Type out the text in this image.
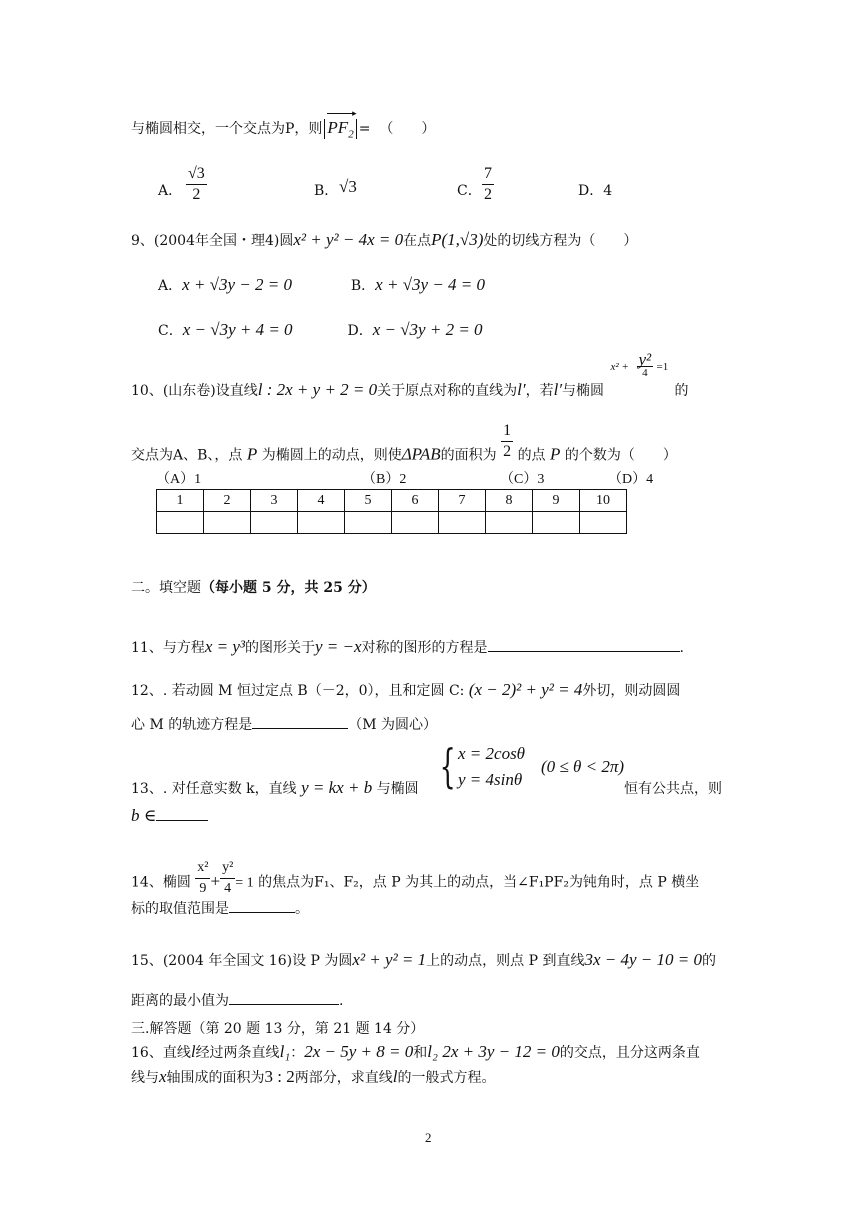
与椭圆相交，一个交点为P，则
▸
$PF_2$ = （　　）
A． $\frac{√3}{2}$	B． √3	C． $\frac{7}{2}$	D．4
9、(2004年全国・理4)圆x² + y² − 4x = 0在点P(1,√3)处的切线方程为（　　）
A．x + √3y − 2 = 0	B．x + √3y − 4 = 0
C．x − √3y + 4 = 0	D．x − √3y + 2 = 0
10、(山东卷)设直线l : 2x + y + 2 = 0关于原点对称的直线为l′，若l′与椭圆
x² + y²
4 =1
的
交点为A、B、，点 P 为椭圆上的动点，则使ΔPAB的面积为 $\frac{1}{2}$ 的点 P 的个数为（　　）
（A）1	（B）2	（C）3	（D）4
1	2	3	4	5	6	7	8	9	10

二。填空题（每小题 5 分，共 25 分）
11、与方程x = y³的图形关于y = −x对称的图形的方程是	.
12、. 若动圆 M 恒过定点 B（－2，0），且和定圆 C: (x − 2)² + y² = 4外切，则动圆圆
心 M 的轨迹方程是	（M 为圆心）
13、. 对任意实数 k，直线 y = kx + b 与椭圆 { x = 2cosθ
y = 4sinθ
(0 ≤ θ < 2π)
恒有公共点，则
b ∈
14、椭圆 $\frac{\text{x²}}{9} + \frac{\text{y²}}{4} = 1$ 的焦点为F₁、F₂，点 P 为其上的动点，当∠F₁PF₂为钝角时，点 P 横坐
标的取值范围是	。
15、(2004 年全国文 16)设 P 为圆x² + y² = 1上的动点，则点 P 到直线3x − 4y − 10 = 0的
距离的最小值为	.
三.解答题（第 20 题 13 分，第 21 题 14 分）
16、直线l经过两条直线l₁：2x − 5y + 8 = 0和l₂ 2x + 3y − 12 = 0的交点，且分这两条直
线与x轴围成的面积为3 : 2两部分，求直线l的一般式方程。
2
